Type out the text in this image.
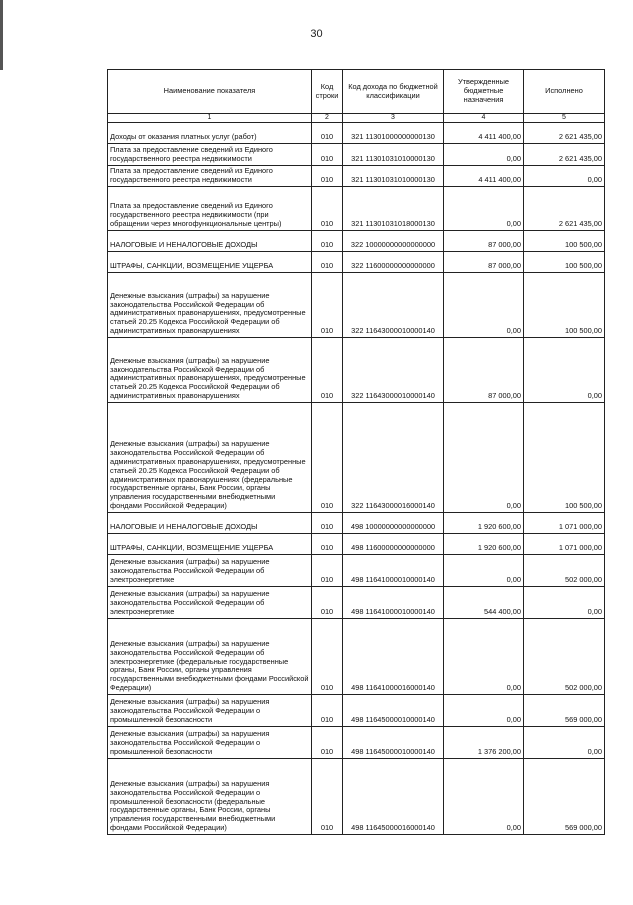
30
Наименование показателя	Код строки	Код дохода по бюджетной классификации	Утвержденные бюджетные назначения	Исполнено
1	2	3	4	5
Доходы от оказания платных услуг (работ)	010	321 11301000000000130	4 411 400,00	2 621 435,00
Плата за предоставление сведений из Единого государственного реестра недвижимости	010	321 11301031010000130	0,00	2 621 435,00
Плата за предоставление сведений из Единого государственного реестра недвижимости	010	321 11301031010000130	4 411 400,00	0,00
Плата за предоставление сведений из Единого государственного реестра недвижимости (при обращении через многофункциональные центры)	010	321 11301031018000130	0,00	2 621 435,00
НАЛОГОВЫЕ И НЕНАЛОГОВЫЕ ДОХОДЫ	010	322 10000000000000000	87 000,00	100 500,00
ШТРАФЫ, САНКЦИИ, ВОЗМЕЩЕНИЕ УЩЕРБА	010	322 11600000000000000	87 000,00	100 500,00
Денежные взыскания (штрафы) за нарушение законодательства Российской Федерации об административных правонарушениях, предусмотренные статьей 20.25 Кодекса Российской Федерации об административных правонарушениях	010	322 11643000010000140	0,00	100 500,00
Денежные взыскания (штрафы) за нарушение законодательства Российской Федерации об административных правонарушениях, предусмотренные статьей 20.25 Кодекса Российской Федерации об административных правонарушениях	010	322 11643000010000140	87 000,00	0,00
Денежные взыскания (штрафы) за нарушение законодательства Российской Федерации об административных правонарушениях, предусмотренные статьей 20.25 Кодекса Российской Федерации об административных правонарушениях (федеральные государственные органы, Банк России, органы управления государственными внебюджетными фондами Российской Федерации)	010	322 11643000016000140	0,00	100 500,00
НАЛОГОВЫЕ И НЕНАЛОГОВЫЕ ДОХОДЫ	010	498 10000000000000000	1 920 600,00	1 071 000,00
ШТРАФЫ, САНКЦИИ, ВОЗМЕЩЕНИЕ УЩЕРБА	010	498 11600000000000000	1 920 600,00	1 071 000,00
Денежные взыскания (штрафы) за нарушение законодательства Российской Федерации об электроэнергетике	010	498 11641000010000140	0,00	502 000,00
Денежные взыскания (штрафы) за нарушение законодательства Российской Федерации об электроэнергетике	010	498 11641000010000140	544 400,00	0,00
Денежные взыскания (штрафы) за нарушение законодательства Российской Федерации об электроэнергетике (федеральные государственные органы, Банк России, органы управления государственными внебюджетными фондами Российской Федерации)	010	498 11641000016000140	0,00	502 000,00
Денежные взыскания (штрафы) за нарушения законодательства Российской Федерации о промышленной безопасности	010	498 11645000010000140	0,00	569 000,00
Денежные взыскания (штрафы) за нарушения законодательства Российской Федерации о промышленной безопасности	010	498 11645000010000140	1 376 200,00	0,00
Денежные взыскания (штрафы) за нарушения законодательства Российской Федерации о промышленной безопасности (федеральные государственные органы, Банк России, органы управления государственными внебюджетными фондами Российской Федерации)	010	498 11645000016000140	0,00	569 000,00
